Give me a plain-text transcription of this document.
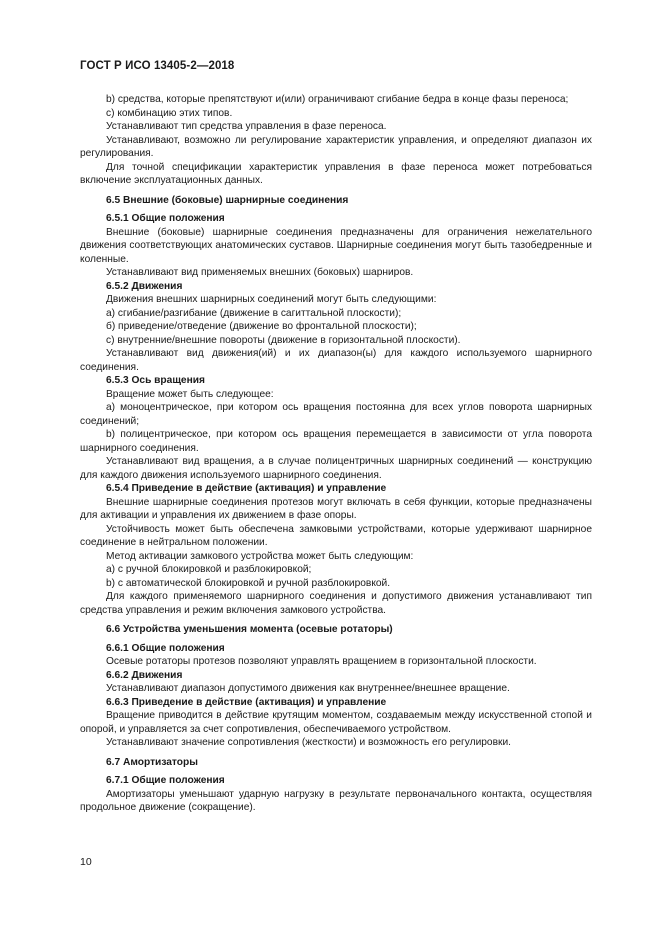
ГОСТ Р ИСО 13405-2—2018

b) средства, которые препятствуют и(или) ограничивают сгибание бедра в конце фазы переноса;

c) комбинацию этих типов.

Устанавливают тип средства управления в фазе переноса.

Устанавливают, возможно ли регулирование характеристик управления, и определяют диапазон их регулирования.

Для точной спецификации характеристик управления в фазе переноса может потребоваться включение эксплуатационных данных.

6.5 Внешние (боковые) шарнирные соединения

6.5.1 Общие положения

Внешние (боковые) шарнирные соединения предназначены для ограничения нежелательного движения соответствующих анатомических суставов. Шарнирные соединения могут быть тазобедренные и коленные.

Устанавливают вид применяемых внешних (боковых) шарниров.

6.5.2 Движения

Движения внешних шарнирных соединений могут быть следующими:

а) сгибание/разгибание (движение в сагиттальной плоскости);

б) приведение/отведение (движение во фронтальной плоскости);

с) внутренние/внешние повороты (движение в горизонтальной плоскости).

Устанавливают вид движения(ий) и их диапазон(ы) для каждого используемого шарнирного соединения.

6.5.3 Ось вращения

Вращение может быть следующее:

а) моноцентрическое, при котором ось вращения постоянна для всех углов поворота шарнирных соединений;

b) полицентрическое, при котором ось вращения перемещается в зависимости от угла поворота шарнирного соединения.

Устанавливают вид вращения, а в случае полицентричных шарнирных соединений — конструкцию для каждого движения используемого шарнирного соединения.

6.5.4 Приведение в действие (активация) и управление

Внешние шарнирные соединения протезов могут включать в себя функции, которые предназначены для активации и управления их движением в фазе опоры.

Устойчивость может быть обеспечена замковыми устройствами, которые удерживают шарнирное соединение в нейтральном положении.

Метод активации замкового устройства может быть следующим:

а) с ручной блокировкой и разблокировкой;

b) с автоматической блокировкой и ручной разблокировкой.

Для каждого применяемого шарнирного соединения и допустимого движения устанавливают тип средства управления и режим включения замкового устройства.

6.6 Устройства уменьшения момента (осевые ротаторы)

6.6.1 Общие положения

Осевые ротаторы протезов позволяют управлять вращением в горизонтальной плоскости.

6.6.2 Движения

Устанавливают диапазон допустимого движения как внутреннее/внешнее вращение.

6.6.3 Приведение в действие (активация) и управление

Вращение приводится в действие крутящим моментом, создаваемым между искусственной стопой и опорой, и управляется за счет сопротивления, обеспечиваемого устройством.

Устанавливают значение сопротивления (жесткости) и возможность его регулировки.

6.7 Амортизаторы

6.7.1 Общие положения

Амортизаторы уменьшают ударную нагрузку в результате первоначального контакта, осуществляя продольное движение (сокращение).

10
